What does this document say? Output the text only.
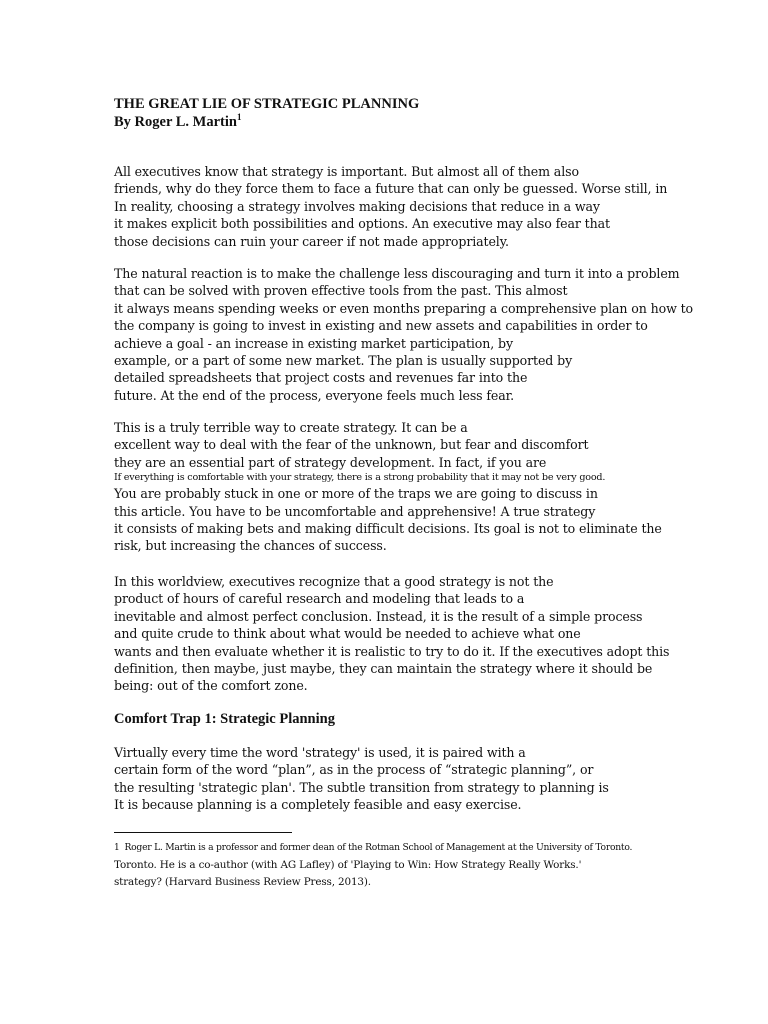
THE GREAT LIE OF STRATEGIC PLANNING
By Roger L. Martin$^1$
All executives know that strategy is important. But almost all of them also
friends, why do they force them to face a future that can only be guessed. Worse still, in
In reality, choosing a strategy involves making decisions that reduce in a way
it makes explicit both possibilities and options. An executive may also fear that
those decisions can ruin your career if not made appropriately.
The natural reaction is to make the challenge less discouraging and turn it into a problem
that can be solved with proven effective tools from the past. This almost
it always means spending weeks or even months preparing a comprehensive plan on how to
the company is going to invest in existing and new assets and capabilities in order to
achieve a goal - an increase in existing market participation, by
example, or a part of some new market. The plan is usually supported by
detailed spreadsheets that project costs and revenues far into the
future. At the end of the process, everyone feels much less fear.
This is a truly terrible way to create strategy. It can be a
excellent way to deal with the fear of the unknown, but fear and discomfort
they are an essential part of strategy development. In fact, if you are
If everything is comfortable with your strategy, there is a strong probability that it may not be very good.
You are probably stuck in one or more of the traps we are going to discuss in
this article. You have to be uncomfortable and apprehensive! A true strategy
it consists of making bets and making difficult decisions. Its goal is not to eliminate the
risk, but increasing the chances of success.
In this worldview, executives recognize that a good strategy is not the
product of hours of careful research and modeling that leads to a
inevitable and almost perfect conclusion. Instead, it is the result of a simple process
and quite crude to think about what would be needed to achieve what one
wants and then evaluate whether it is realistic to try to do it. If the executives adopt this
definition, then maybe, just maybe, they can maintain the strategy where it should be
being: out of the comfort zone.
Comfort Trap 1: Strategic Planning
Virtually every time the word 'strategy' is used, it is paired with a
certain form of the word “plan”, as in the process of “strategic planning”, or
the resulting 'strategic plan'. The subtle transition from strategy to planning is
It is because planning is a completely feasible and easy exercise.
1 Roger L. Martin is a professor and former dean of the Rotman School of Management at the University of Toronto.
Toronto. He is a co-author (with AG Lafley) of 'Playing to Win: How Strategy Really Works.'
strategy? (Harvard Business Review Press, 2013).
